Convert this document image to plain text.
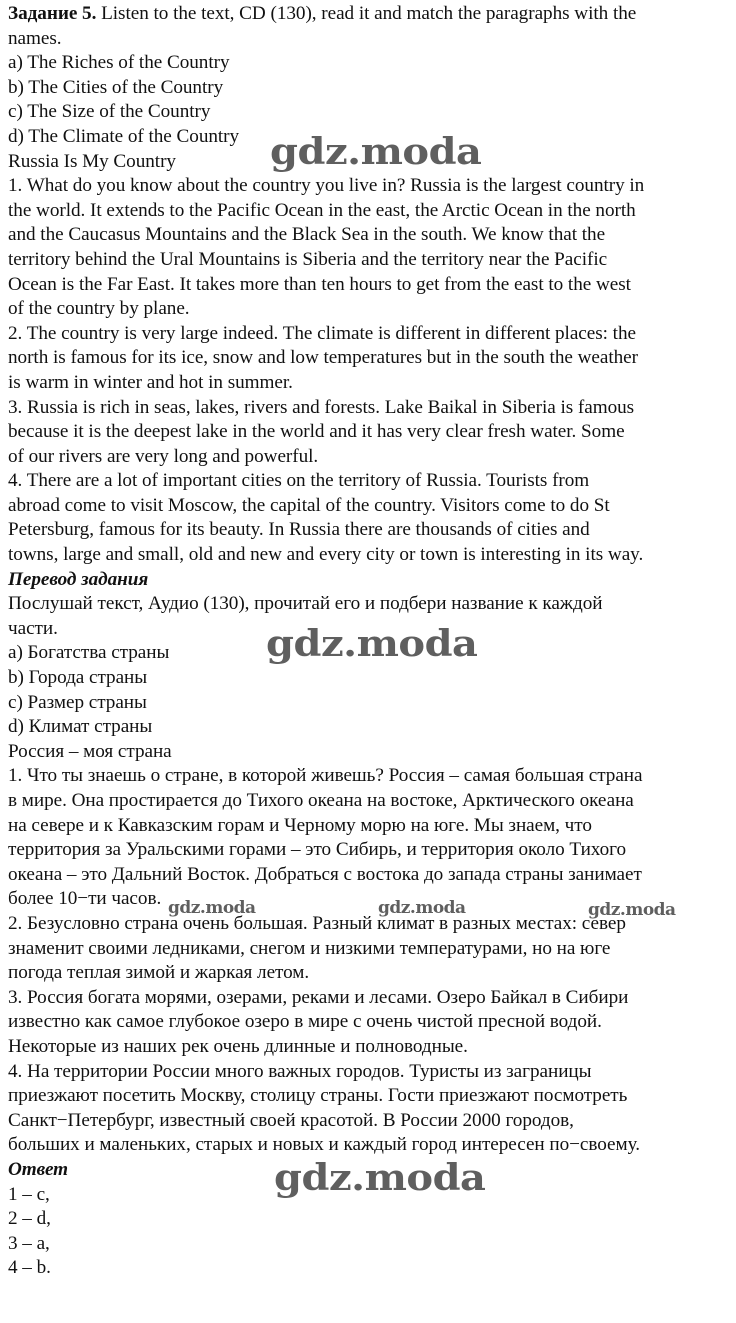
Задание 5. Listen to the text, CD (130), read it and match the paragraphs with the
names.
a) The Riches of the Country
b) The Cities of the Country
c) The Size of the Country
d) The Climate of the Country
Russia Is My Country
1. What do you know about the country you live in? Russia is the largest country in
the world. It extends to the Pacific Ocean in the east, the Arctic Ocean in the north
and the Caucasus Mountains and the Black Sea in the south. We know that the
territory behind the Ural Mountains is Siberia and the territory near the Pacific
Ocean is the Far East. It takes more than ten hours to get from the east to the west
of the country by plane.
2. The country is very large indeed. The climate is different in different places: the
north is famous for its ice, snow and low temperatures but in the south the weather
is warm in winter and hot in summer.
3. Russia is rich in seas, lakes, rivers and forests. Lake Baikal in Siberia is famous
because it is the deepest lake in the world and it has very clear fresh water. Some
of our rivers are very long and powerful.
4. There are a lot of important cities on the territory of Russia. Tourists from
abroad come to visit Moscow, the capital of the country. Visitors come to do St
Petersburg, famous for its beauty. In Russia there are thousands of cities and
towns, large and small, old and new and every city or town is interesting in its way.
Перевод задания
Послушай текст, Аудио (130), прочитай его и подбери название к каждой
части.
a) Богатства страны
b) Города страны
c) Размер страны
d) Климат страны
Россия – моя страна
1. Что ты знаешь о стране, в которой живешь? Россия – самая большая страна
в мире. Она простирается до Тихого океана на востоке, Арктического океана
на севере и к Кавказским горам и Черному морю на юге. Мы знаем, что
территория за Уральскими горами – это Сибирь, и территория около Тихого
океана – это Дальний Восток. Добраться с востока до запада страны занимает
более 10−ти часов.
2. Безусловно страна очень большая. Разный климат в разных местах: север
знаменит своими ледниками, снегом и низкими температурами, но на юге
погода теплая зимой и жаркая летом.
3. Россия богата морями, озерами, реками и лесами. Озеро Байкал в Сибири
известно как самое глубокое озеро в мире с очень чистой пресной водой.
Некоторые из наших рек очень длинные и полноводные.
4. На территории России много важных городов. Туристы из заграницы
приезжают посетить Москву, столицу страны. Гости приезжают посмотреть
Санкт−Петербург, известный своей красотой. В России 2000 городов,
больших и маленьких, старых и новых и каждый город интересен по−своему.
Ответ
1 – c,
2 – d,
3 – a,
4 – b.
gdz.moda
gdz.moda
gdz.moda	gdz.moda	gdz.moda
gdz.moda
